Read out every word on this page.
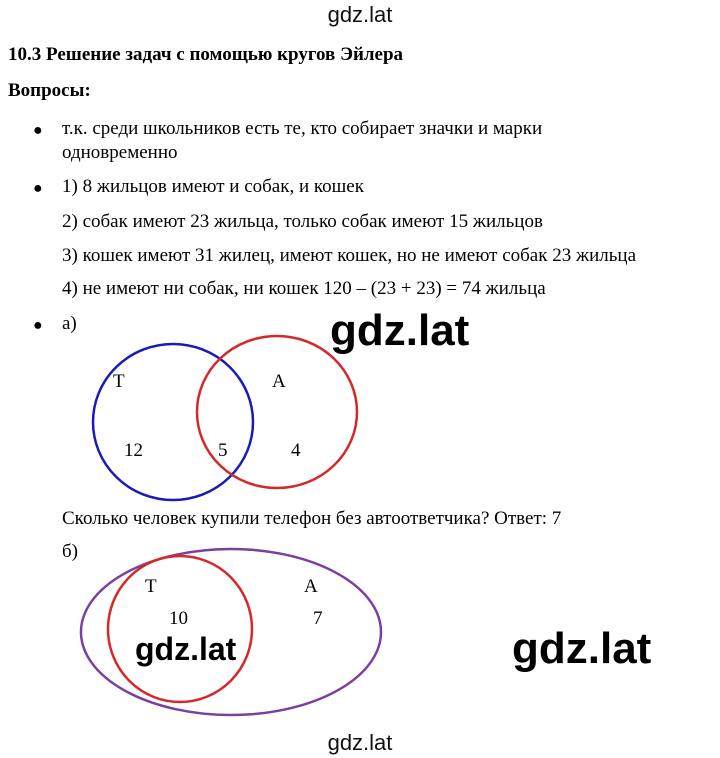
gdz.lat
10.3 Решение задач с помощью кругов Эйлера
Вопросы:
● т.к. среди школьников есть те, кто собирает значки и марки
одновременно
● 1) 8 жильцов имеют и собак, и кошек
2) собак имеют 23 жильца, только собак имеют 15 жильцов
3) кошек имеют 31 жилец, имеют кошек, но не имеют собак 23 жильца
4) не имеют ни собак, ни кошек 120 – (23 + 23) = 74 жильца
● а)
Т	А
12	5	4
Т	А
10	7
gdz.lat
Сколько человек купили телефон без автоответчика? Ответ: 7
б)
gdz.lat	gdz.lat
gdz.lat
